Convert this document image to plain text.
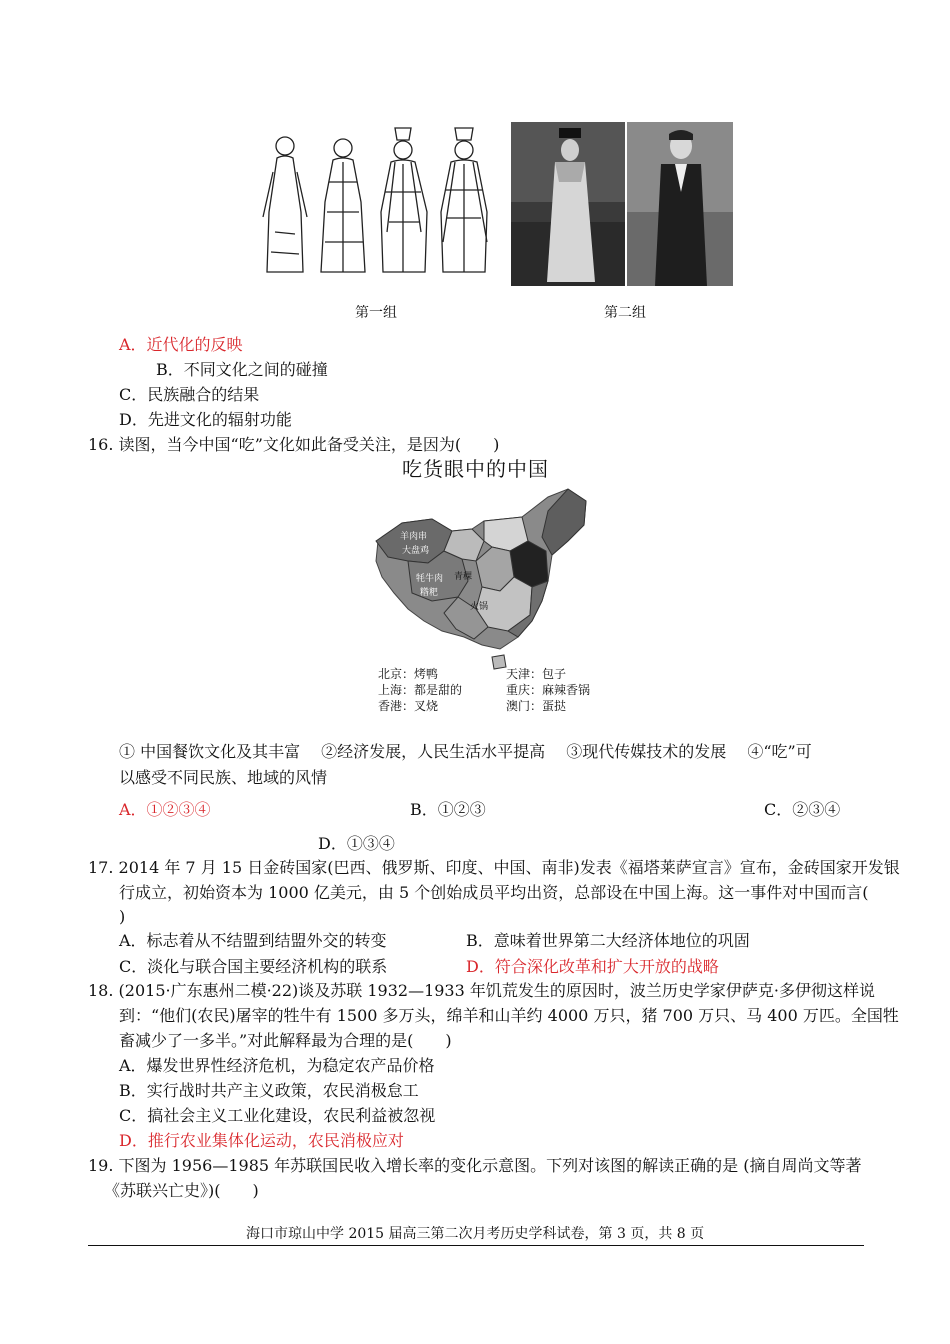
第一组	第二组
A．近代化的反映
B．不同文化之间的碰撞
C．民族融合的结果
D．先进文化的辐射功能
16. 读图，当今中国“吃”文化如此备受关注，是因为(　　)
吃货眼中的中国
羊肉串
大盘鸡
牦牛肉
糌粑
青稞
火锅
北京：烤鸭	天津：包子
上海：都是甜的	重庆：麻辣香锅
香港：叉烧	澳门：蛋挞
① 中国餐饮文化及其丰富　 ②经济发展，人民生活水平提高　 ③现代传媒技术的发展　 ④“吃”可
以感受不同民族、地域的风情
A．①②③④	B．①②③	C．②③④
D．①③④
17. 2014 年 7 月 15 日金砖国家(巴西、俄罗斯、印度、中国、南非)发表《福塔莱萨宣言》宣布，金砖国家开发银
行成立，初始资本为 1000 亿美元，由 5 个创始成员平均出资，总部设在中国上海。这一事件对中国而言(
)
A．标志着从不结盟到结盟外交的转变	B．意味着世界第二大经济体地位的巩固
C．淡化与联合国主要经济机构的联系	D．符合深化改革和扩大开放的战略
18. (2015·广东惠州二模·22)谈及苏联 1932—1933 年饥荒发生的原因时，波兰历史学家伊萨克·多伊彻这样说
到：“他们(农民)屠宰的牲牛有 1500 多万头，绵羊和山羊约 4000 万只，猪 700 万只、马 400 万匹。全国牲
畜减少了一多半。”对此解释最为合理的是(　　)
A．爆发世界性经济危机，为稳定农产品价格
B．实行战时共产主义政策，农民消极怠工
C．搞社会主义工业化建设，农民利益被忽视
D．推行农业集体化运动，农民消极应对
19. 下图为 1956—1985 年苏联国民收入增长率的变化示意图。下列对该图的解读正确的是 (摘自周尚文等著
《苏联兴亡史》)(　　)
海口市琼山中学 2015 届高三第二次月考历史学科试卷，第 3 页，共 8 页
